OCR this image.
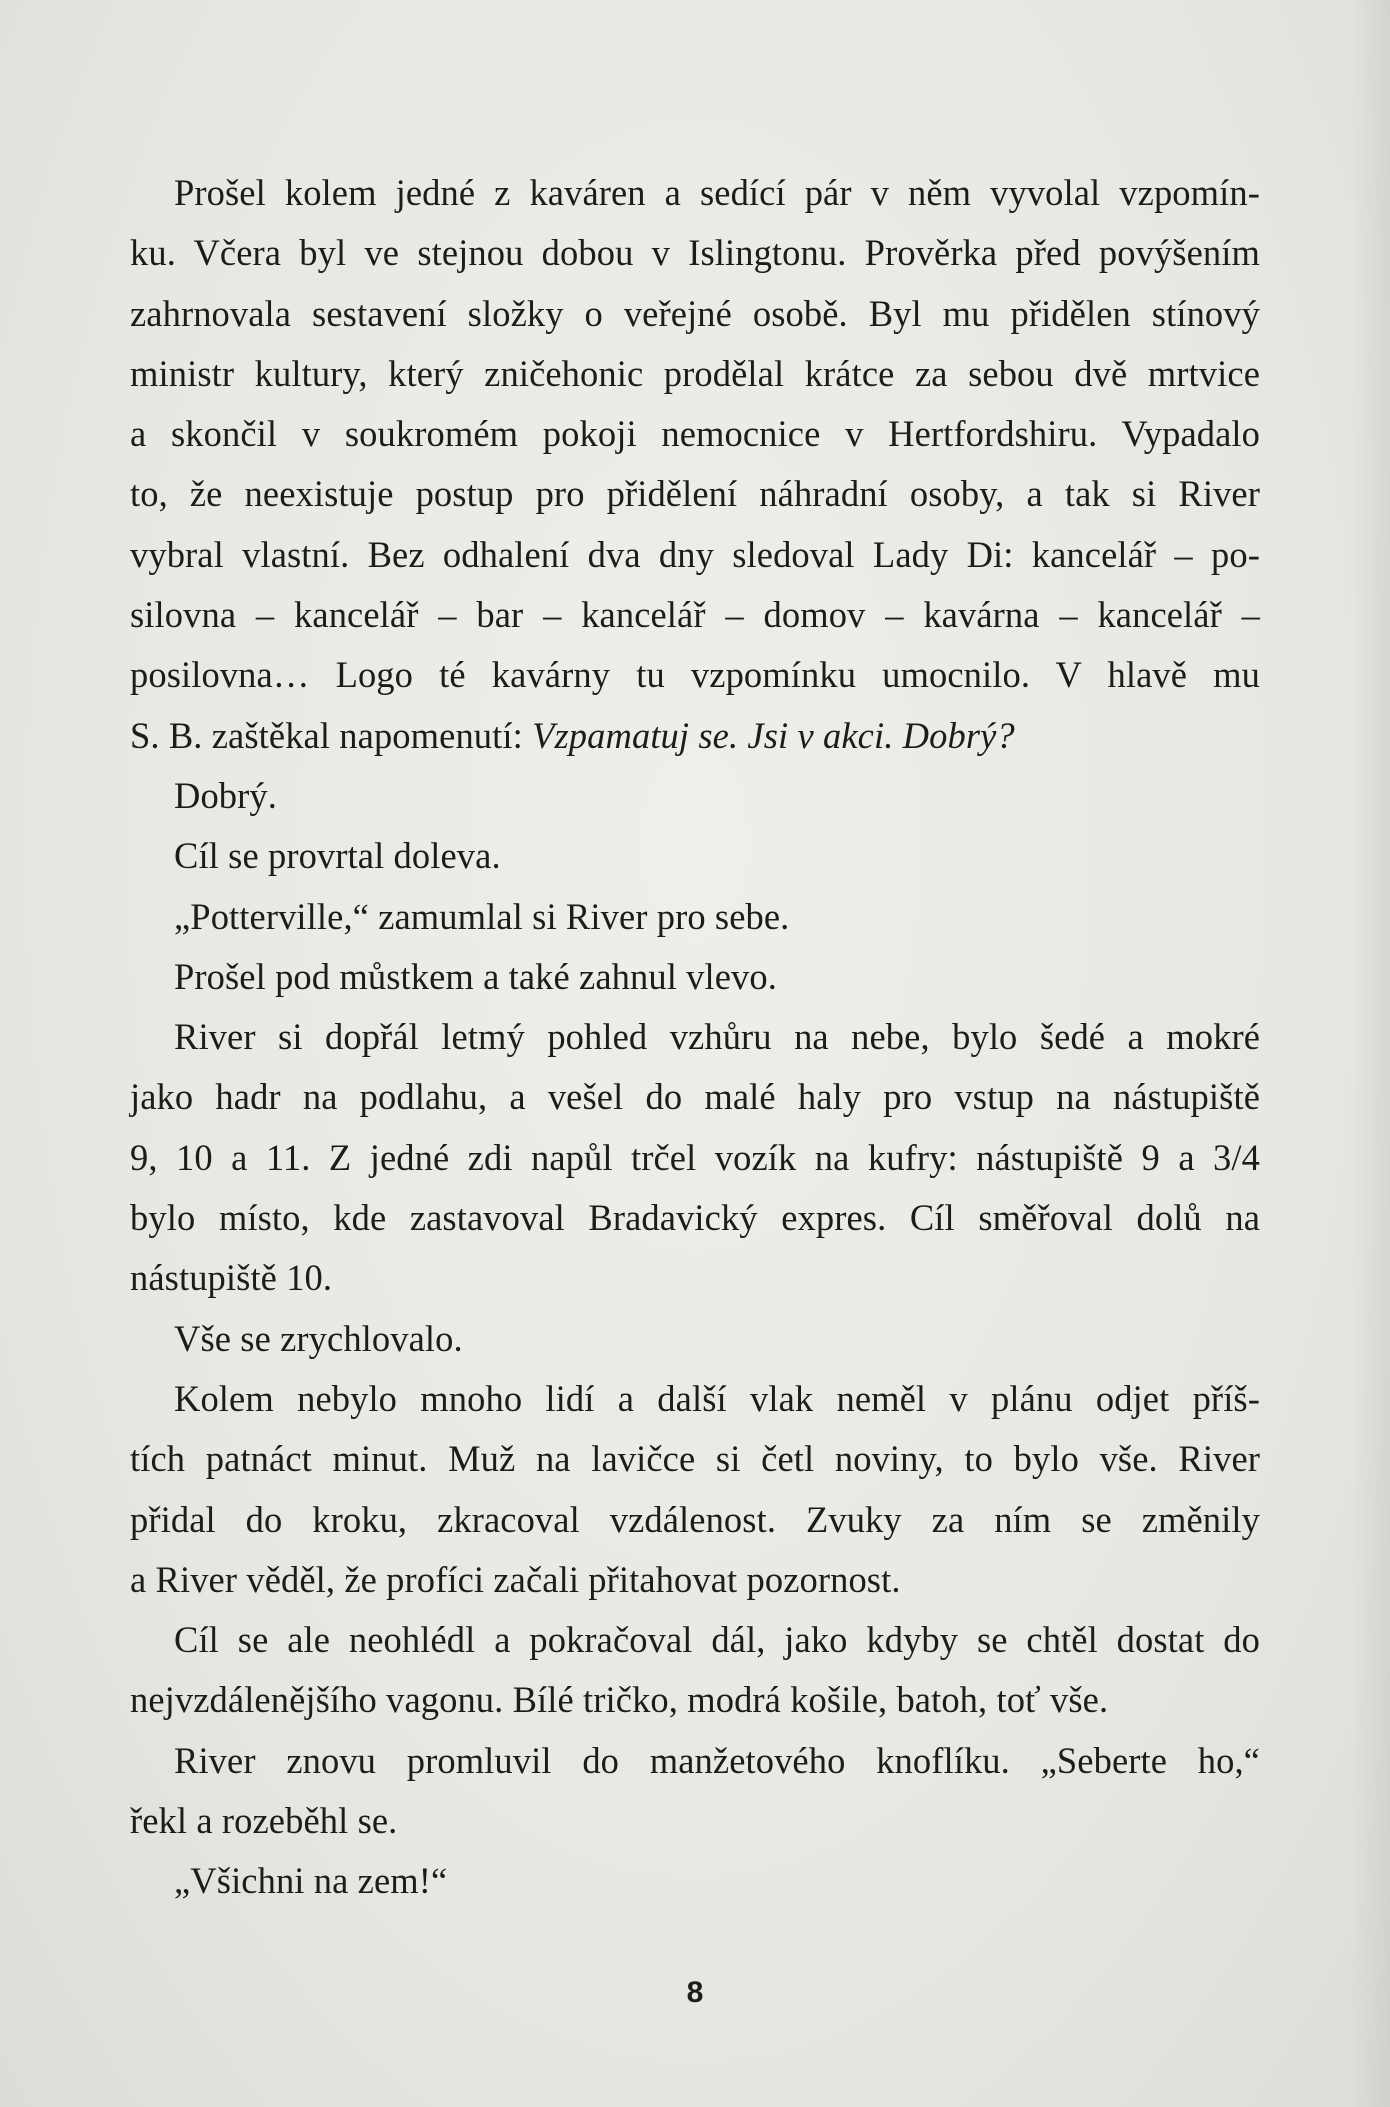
Prošel kolem jedné z kaváren a sedící pár v něm vyvolal vzpomín-
ku. Včera byl ve stejnou dobou v Islingtonu. Prověrka před povýšením
zahrnovala sestavení složky o veřejné osobě. Byl mu přidělen stínový
ministr kultury, který zničehonic prodělal krátce za sebou dvě mrtvice
a skončil v soukromém pokoji nemocnice v Hertfordshiru. Vypadalo
to, že neexistuje postup pro přidělení náhradní osoby, a tak si River
vybral vlastní. Bez odhalení dva dny sledoval Lady Di: kancelář – po-
silovna – kancelář – bar – kancelář – domov – kavárna – kancelář –
posilovna… Logo té kavárny tu vzpomínku umocnilo. V hlavě mu
S. B. zaštěkal napomenutí: Vzpamatuj se. Jsi v akci. Dobrý?
Dobrý.
Cíl se provrtal doleva.
„Potterville,“ zamumlal si River pro sebe.
Prošel pod můstkem a také zahnul vlevo.
River si dopřál letmý pohled vzhůru na nebe, bylo šedé a mokré
jako hadr na podlahu, a vešel do malé haly pro vstup na nástupiště
9, 10 a 11. Z jedné zdi napůl trčel vozík na kufry: nástupiště 9 a 3/4
bylo místo, kde zastavoval Bradavický expres. Cíl směřoval dolů na
nástupiště 10.
Vše se zrychlovalo.
Kolem nebylo mnoho lidí a další vlak neměl v plánu odjet příš-
tích patnáct minut. Muž na lavičce si četl noviny, to bylo vše. River
přidal do kroku, zkracoval vzdálenost. Zvuky za ním se změnily
a River věděl, že profíci začali přitahovat pozornost.
Cíl se ale neohlédl a pokračoval dál, jako kdyby se chtěl dostat do
nejvzdálenějšího vagonu. Bílé tričko, modrá košile, batoh, toť vše.
River znovu promluvil do manžetového knoflíku. „Seberte ho,“
řekl a rozeběhl se.
„Všichni na zem!“
8
